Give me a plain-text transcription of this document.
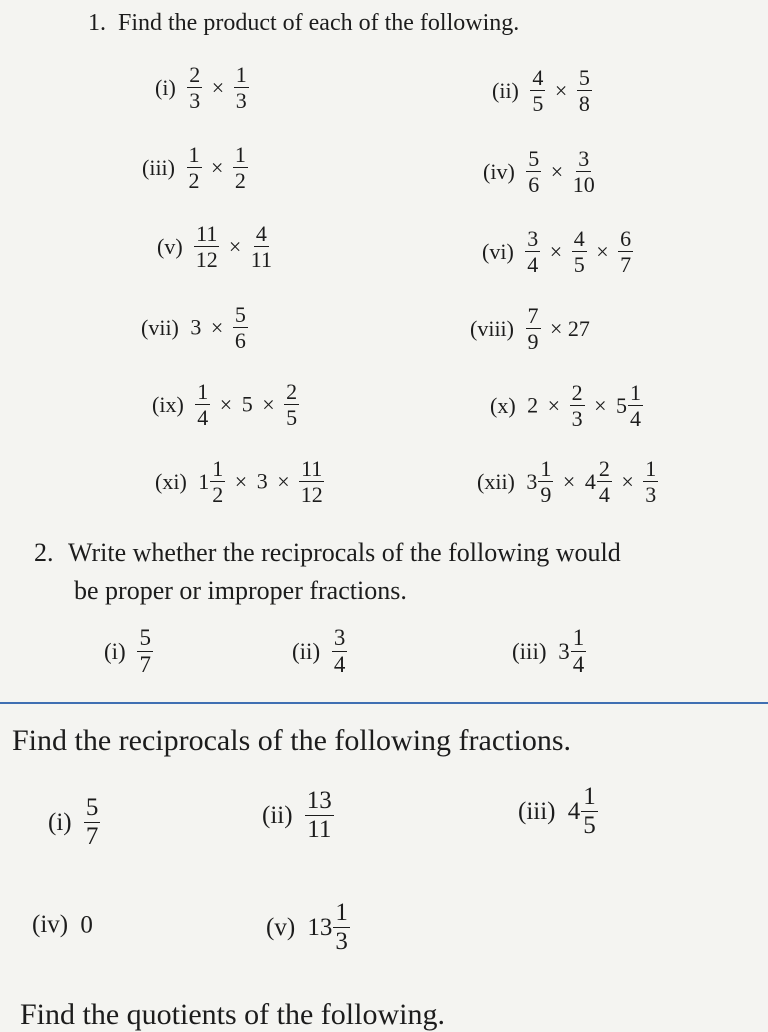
1. Find the product of each of the following.
$(i) \frac{2}{3} \times \frac{1}{3}$	$(ii) \frac{4}{5} \times \frac{5}{8}$
$(iii) \frac{1}{2} \times \frac{1}{2}$	$(iv) \frac{5}{6} \times \frac{3}{10}$
$(v) \frac{11}{12} \times \frac{4}{11}$	$(vi) \frac{3}{4} \times \frac{4}{5} \times \frac{6}{7}$
(vii) $3 \times \frac{5}{6}$	(viii) $\frac{7}{9} \times 27$
$(ix) \frac{1}{4} \times 5 \times \frac{2}{5}$	(x) $2 \times \frac{2}{3} \times 5 \frac{1}{4}$
(xi) $1 \frac{1}{2} \times 3 \times \frac{11}{12}$	(xii) $3 \frac{1}{9} \times 4 \frac{2}{4} \times \frac{1}{3}$
2. Write whether the reciprocals of the following would
be proper or improper fractions.
$(i) \frac{5}{7}$	$(ii) \frac{3}{4}$	(iii) $3 \frac{1}{4}$
Find the reciprocals of the following fractions.
$(i) \frac{5}{7}$	$(ii) \frac{13}{11}$	(iii) $4 \frac{1}{5}$
(iv) 0	(v) $13 \frac{1}{3}$
Find the quotients of the following.
